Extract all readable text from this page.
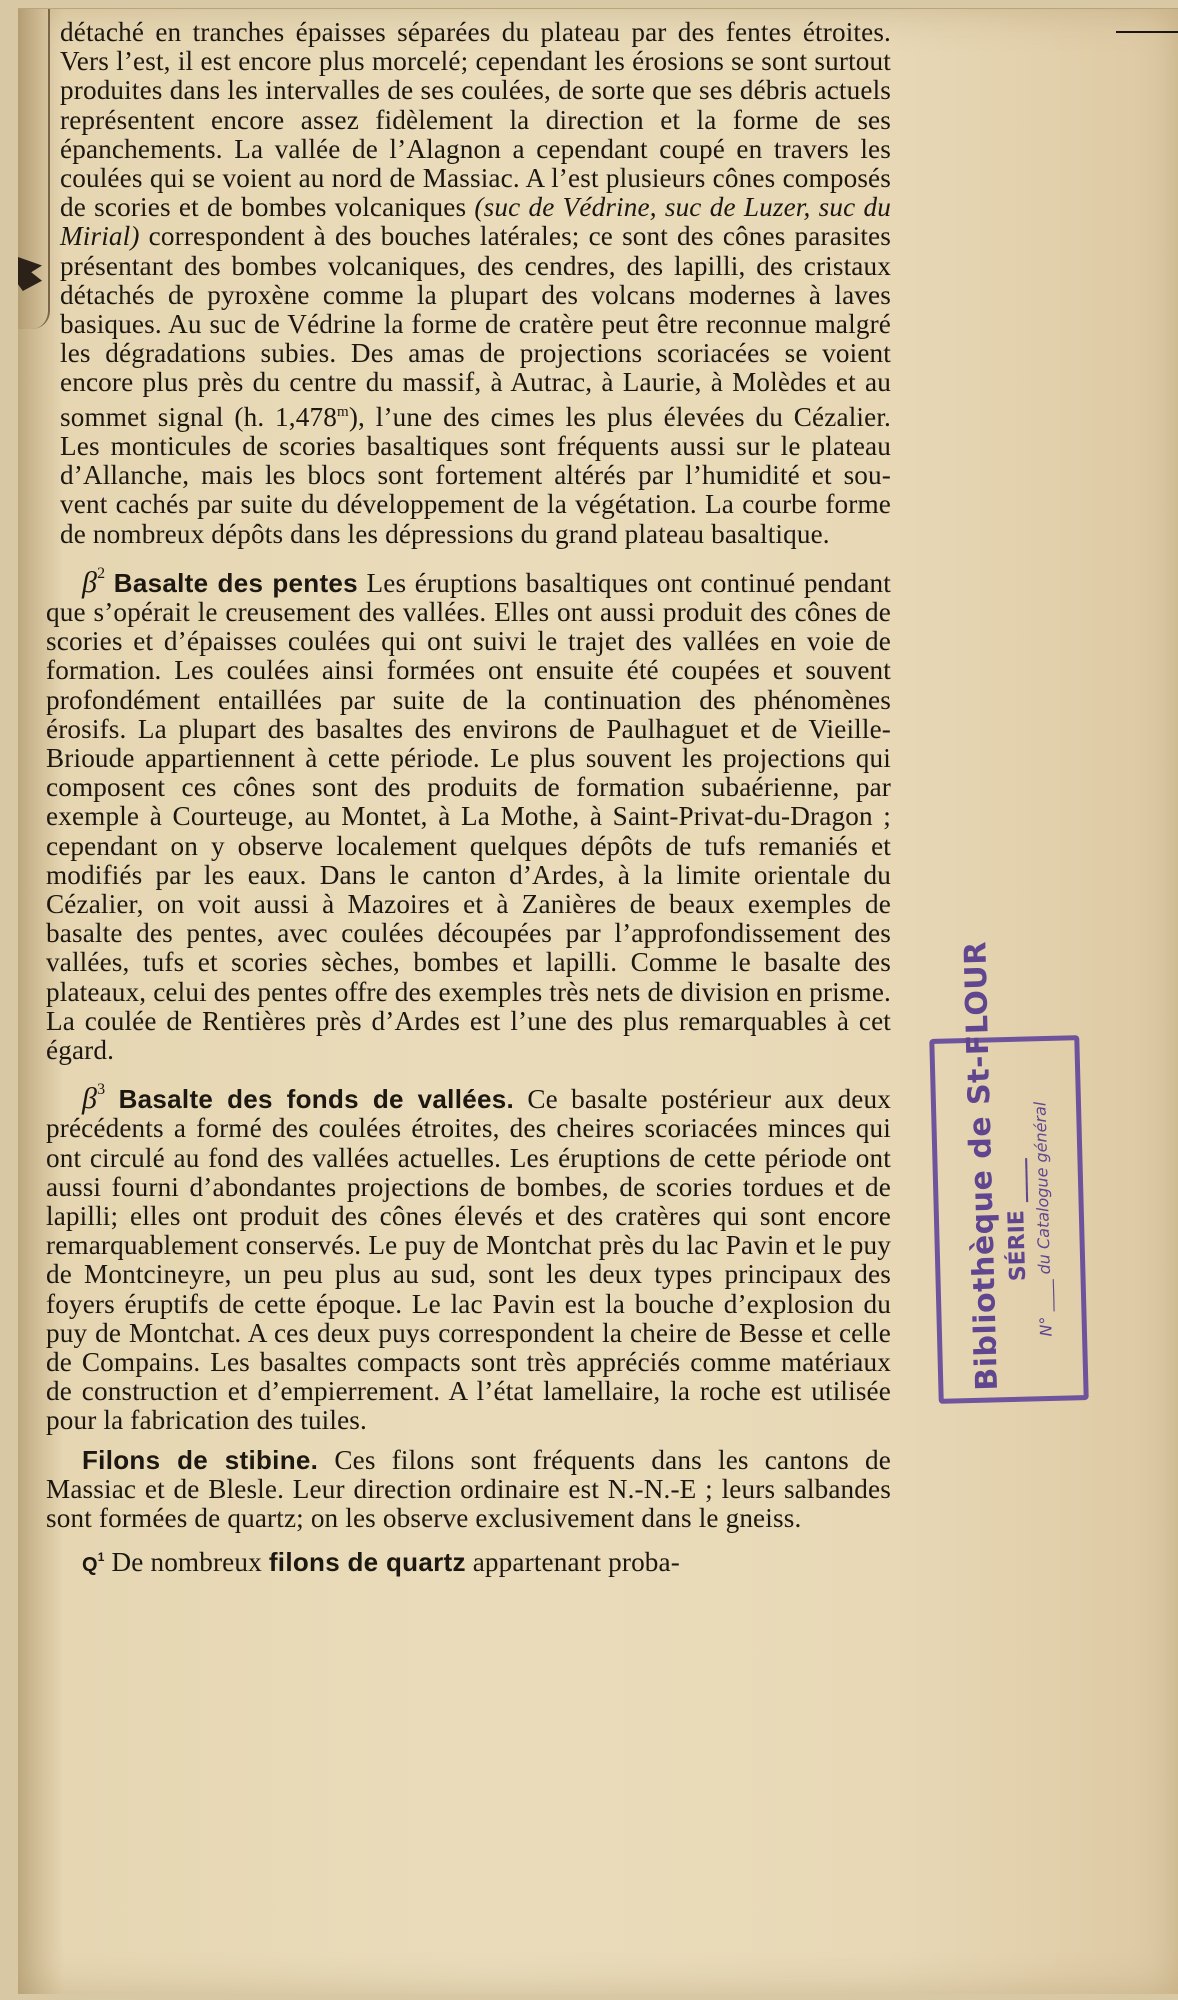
détaché en tranches épaisses séparées du plateau par des fentes étroites. Vers l’est, il est encore plus morcelé; cependant les érosions se sont surtout produites dans les intervalles de ses coulées, de sorte que ses débris actuels représentent encore assez fidèlement la direction et la forme de ses épanchements. La vallée de l’Alagnon a cependant coupé en travers les coulées qui se voient au nord de Massiac. A l’est plusieurs cônes composés de scories et de bombes volcaniques (suc de Védrine, suc de Luzer, suc du Mirial) correspondent à des bouches latérales; ce sont des cônes parasites présentant des bombes volcaniques, des cendres, des lapilli, des cristaux détachés de pyroxène comme la plupart des volcans modernes à laves basiques. Au suc de Védrine la forme de cratère peut être reconnue malgré les dégradations subies. Des amas de projections scoriacées se voient encore plus près du centre du massif, à Autrac, à Laurie, à Molèdes et au sommet signal (h. 1,478$^m$), l’une des cimes les plus élevées du Cézalier. Les monticules de scories basaltiques sont fréquents aussi sur le plateau d’Allanche, mais les blocs sont fortement altérés par l’humidité et sou- vent cachés par suite du développement de la végétation. La courbe forme de nombreux dépôts dans les dépressions du grand plateau basaltique.

$\beta^2$ Basalte des pentes Les éruptions basaltiques ont continué pendant que s’opérait le creusement des vallées. Elles ont aussi produit des cônes de scories et d’épaisses coulées qui ont suivi le trajet des vallées en voie de formation. Les coulées ainsi formées ont ensuite été coupées et souvent profondément entaillées par suite de la continuation des phénomènes érosifs. La plupart des basaltes des environs de Paulhaguet et de Vieille-Brioude appartiennent à cette période. Le plus souvent les projections qui composent ces cônes sont des produits de formation subaérienne, par exemple à Courteuge, au Montet, à La Mothe, à Saint-Privat-du-Dragon ; cependant on y observe localement quelques dépôts de tufs remaniés et modifiés par les eaux. Dans le canton d’Ardes, à la limite orientale du Cézalier, on voit aussi à Mazoires et à Zanières de beaux exemples de basalte des pentes, avec coulées découpées par l’approfondissement des vallées, tufs et scories sèches, bombes et lapilli. Comme le basalte des plateaux, celui des pentes offre des exemples très nets de division en prisme. La coulée de Rentières près d’Ardes est l’une des plus remarquables à cet égard.

$\beta^3$ Basalte des fonds de vallées. Ce basalte postérieur aux deux précédents a formé des coulées étroites, des cheires scoriacées minces qui ont circulé au fond des vallées actuelles. Les éruptions de cette période ont aussi fourni d’abondantes projections de bombes, de scories tordues et de lapilli; elles ont produit des cônes élevés et des cratères qui sont encore remarquablement conservés. Le puy de Montchat près du lac Pavin et le puy de Montcineyre, un peu plus au sud, sont les deux types principaux des foyers éruptifs de cette époque. Le lac Pavin est la bouche d’explosion du puy de Montchat. A ces deux puys correspondent la cheire de Besse et celle de Compains. Les basaltes compacts sont très appréciés comme matériaux de construction et d’empierrement. A l’état lamellaire, la roche est utilisée pour la fabrication des tuiles.

Filons de stibine. Ces filons sont fréquents dans les cantons de Massiac et de Blesle. Leur direction ordinaire est N.-N.-E ; leurs salbandes sont formées de quartz; on les observe exclusivement dans le gneiss.

$Q^1$ De nombreux filons de quartz appartenant proba-

Bibliothèque de St-FLOUR
SÉRIE ____ N° ____ du Catalogue général
